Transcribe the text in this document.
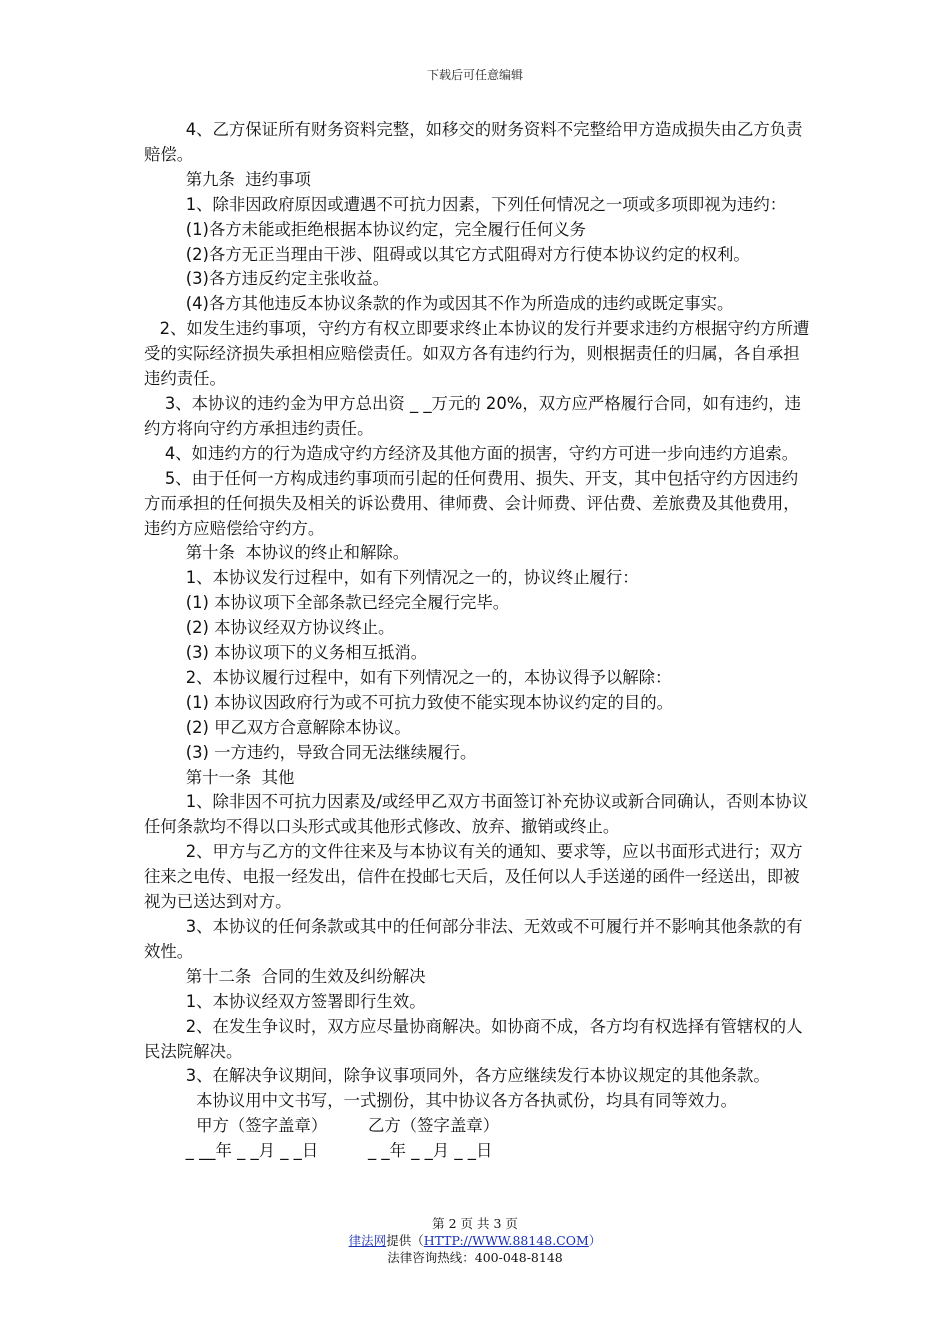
下载后可任意编辑

4、乙方保证所有财务资料完整，如移交的财务资料不完整给甲方造成损失由乙方负责赔偿。

第九条  违约事项

1、除非因政府原因或遭遇不可抗力因素，下列任何情况之一项或多项即视为违约：

(1)各方未能或拒绝根据本协议约定，完全履行任何义务

(2)各方无正当理由干涉、阻碍或以其它方式阻碍对方行使本协议约定的权利。

(3)各方违反约定主张收益。

(4)各方其他违反本协议条款的作为或因其不作为所造成的违约或既定事实。

2、如发生违约事项，守约方有权立即要求终止本协议的发行并要求违约方根据守约方所遭受的实际经济损失承担相应赔偿责任。如双方各有违约行为，则根据责任的归属，各自承担违约责任。

3、本协议的违约金为甲方总出资 _ _万元的 20%，双方应严格履行合同，如有违约，违约方将向守约方承担违约责任。

4、如违约方的行为造成守约方经济及其他方面的损害，守约方可进一步向违约方追索。

5、由于任何一方构成违约事项而引起的任何费用、损失、开支，其中包括守约方因违约方而承担的任何损失及相关的诉讼费用、律师费、会计师费、评估费、差旅费及其他费用，违约方应赔偿给守约方。

第十条  本协议的终止和解除。

1、本协议发行过程中，如有下列情况之一的，协议终止履行：

(1) 本协议项下全部条款已经完全履行完毕。

(2) 本协议经双方协议终止。

(3) 本协议项下的义务相互抵消。

2、本协议履行过程中，如有下列情况之一的，本协议得予以解除：

(1) 本协议因政府行为或不可抗力致使不能实现本协议约定的目的。

(2) 甲乙双方合意解除本协议。

(3) 一方违约，导致合同无法继续履行。

第十一条  其他

1、除非因不可抗力因素及/或经甲乙双方书面签订补充协议或新合同确认，否则本协议任何条款均不得以口头形式或其他形式修改、放弃、撤销或终止。

2、甲方与乙方的文件往来及与本协议有关的通知、要求等，应以书面形式进行；双方往来之电传、电报一经发出，信件在投邮七天后，及任何以人手送递的函件一经送出，即被视为已送达到对方。

3、本协议的任何条款或其中的任何部分非法、无效或不可履行并不影响其他条款的有效性。

第十二条  合同的生效及纠纷解决

1、本协议经双方签署即行生效。

2、在发生争议时，双方应尽量协商解决。如协商不成，各方均有权选择有管辖权的人民法院解决。

3、在解决争议期间，除争议事项同外，各方应继续发行本协议规定的其他条款。

本协议用中文书写，一式捌份，其中协议各方各执贰份，均具有同等效力。

甲方（签字盖章）	乙方（签字盖章）
_ __年 _ _月 _ _日	_ _年 _ _月 _ _日
第 2 页 共 3 页
律法网提供（HTTP://WWW.88148.COM）
法律咨询热线：400-048-8148
